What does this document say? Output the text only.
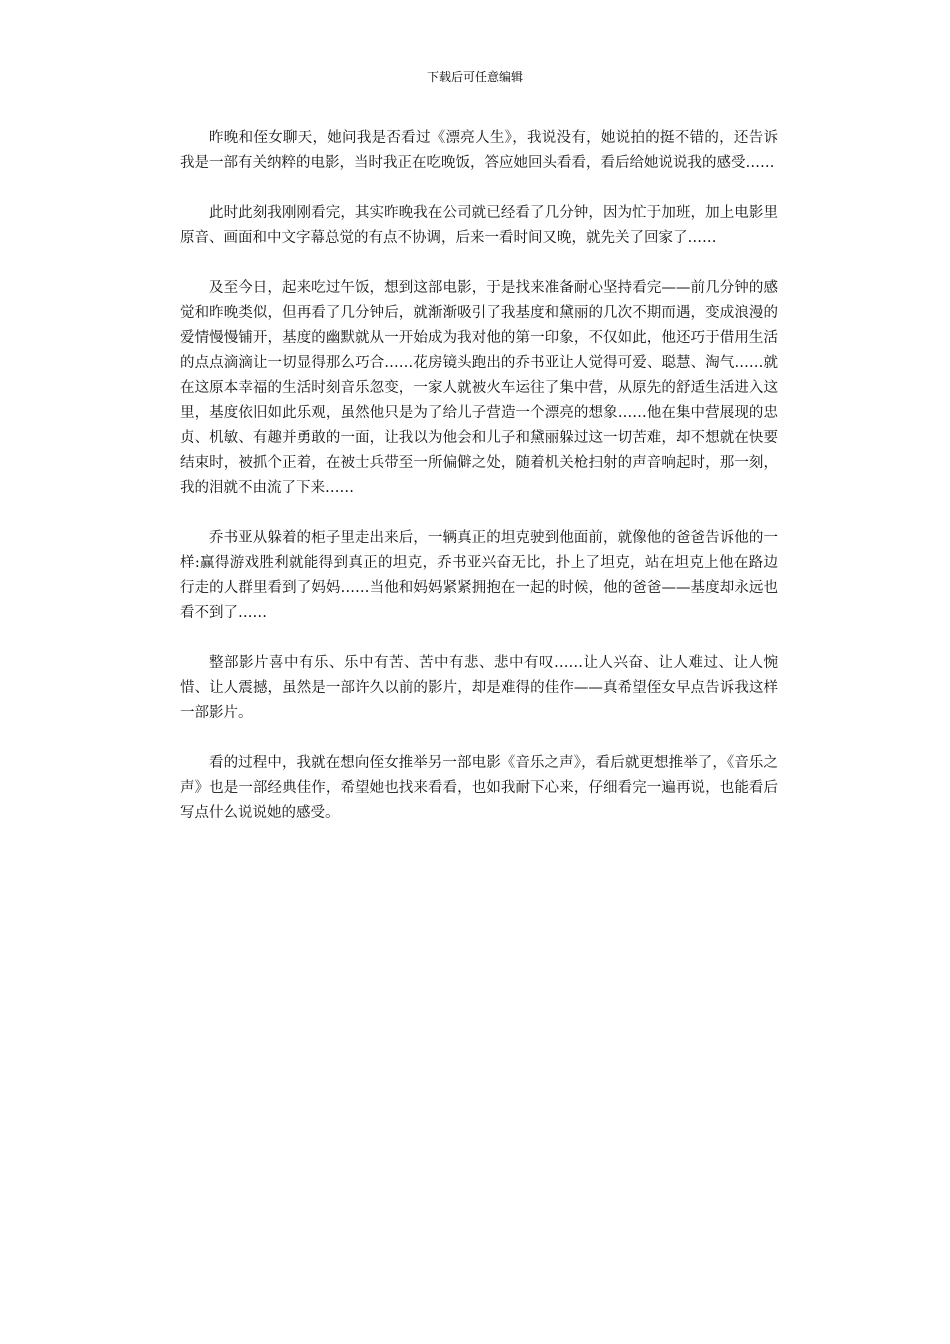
下载后可任意编辑

昨晚和侄女聊天，她问我是否看过《漂亮人生》，我说没有，她说拍的挺不错的，还告诉我是一部有关纳粹的电影，当时我正在吃晚饭，答应她回头看看，看后给她说说我的感受……

此时此刻我刚刚看完，其实昨晚我在公司就已经看了几分钟，因为忙于加班，加上电影里原音、画面和中文字幕总觉的有点不协调，后来一看时间又晚，就先关了回家了……

及至今日，起来吃过午饭，想到这部电影，于是找来准备耐心坚持看完——前几分钟的感觉和昨晚类似，但再看了几分钟后，就渐渐吸引了我基度和黛丽的几次不期而遇，变成浪漫的爱情慢慢铺开，基度的幽默就从一开始成为我对他的第一印象，不仅如此，他还巧于借用生活的点点滴滴让一切显得那么巧合……花房镜头跑出的乔书亚让人觉得可爱、聪慧、淘气……就在这原本幸福的生活时刻音乐忽变，一家人就被火车运往了集中营，从原先的舒适生活进入这里，基度依旧如此乐观，虽然他只是为了给儿子营造一个漂亮的想象……他在集中营展现的忠贞、机敏、有趣并勇敢的一面，让我以为他会和儿子和黛丽躲过这一切苦难，却不想就在快要结束时，被抓个正着，在被士兵带至一所偏僻之处，随着机关枪扫射的声音响起时，那一刻，我的泪就不由流了下来……

乔书亚从躲着的柜子里走出来后，一辆真正的坦克驶到他面前，就像他的爸爸告诉他的一样:赢得游戏胜利就能得到真正的坦克，乔书亚兴奋无比，扑上了坦克，站在坦克上他在路边行走的人群里看到了妈妈……当他和妈妈紧紧拥抱在一起的时候，他的爸爸——基度却永远也看不到了……

整部影片喜中有乐、乐中有苦、苦中有悲、悲中有叹……让人兴奋、让人难过、让人惋惜、让人震撼，虽然是一部许久以前的影片，却是难得的佳作——真希望侄女早点告诉我这样一部影片。

看的过程中，我就在想向侄女推举另一部电影《音乐之声》，看后就更想推举了，《音乐之声》也是一部经典佳作，希望她也找来看看，也如我耐下心来，仔细看完一遍再说，也能看后写点什么说说她的感受。
